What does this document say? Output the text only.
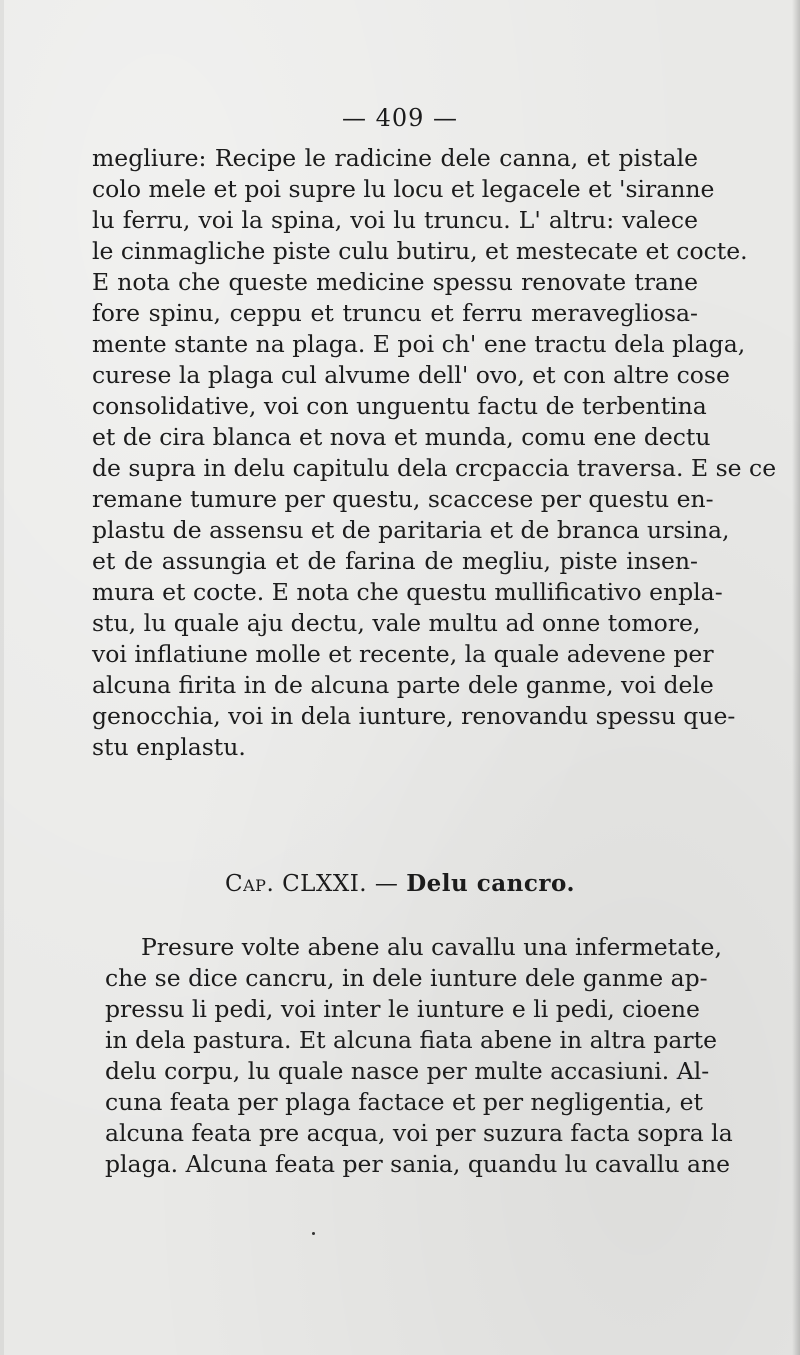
— 409 —
megliure: Recipe le radicine dele canna, et pistale
colo mele et poi supre lu locu et legacele et 'siranne
lu ferru, voi la spina, voi lu truncu. L' altru: valece
le cinmagliche piste culu butiru, et mestecate et cocte.
E nota che queste medicine spessu renovate trane
fore spinu, ceppu et truncu et ferru meravegliosa-
mente stante na plaga. E poi ch' ene tractu dela plaga,
curese la plaga cul alvume dell' ovo, et con altre cose
consolidative, voi con unguentu factu de terbentina
et de cira blanca et nova et munda, comu ene dectu
de supra in delu capitulu dela crcpaccia traversa. E se ce
remane tumure per questu, scaccese per questu en-
plastu de assensu et de paritaria et de branca ursina,
et de assungia et de farina de megliu, piste insen-
mura et cocte. E nota che questu mullificativo enpla-
stu, lu quale aju dectu, vale multu ad onne tomore,
voi inflatiune molle et recente, la quale adevene per
alcuna firita in de alcuna parte dele ganme, voi dele
genocchia, voi in dela iunture, renovandu spessu que-
stu enplastu.
Cap. CLXXI. — Delu cancro.
Presure volte abene alu cavallu una infermetate,
che se dice cancru, in dele iunture dele ganme ap-
pressu li pedi, voi inter le iunture e li pedi, cioene
in dela pastura. Et alcuna fiata abene in altra parte
delu corpu, lu quale nasce per multe accasiuni. Al-
cuna feata per plaga factace et per negligentia, et
alcuna feata pre acqua, voi per suzura facta sopra la
plaga. Alcuna feata per sania, quandu lu cavallu ane
